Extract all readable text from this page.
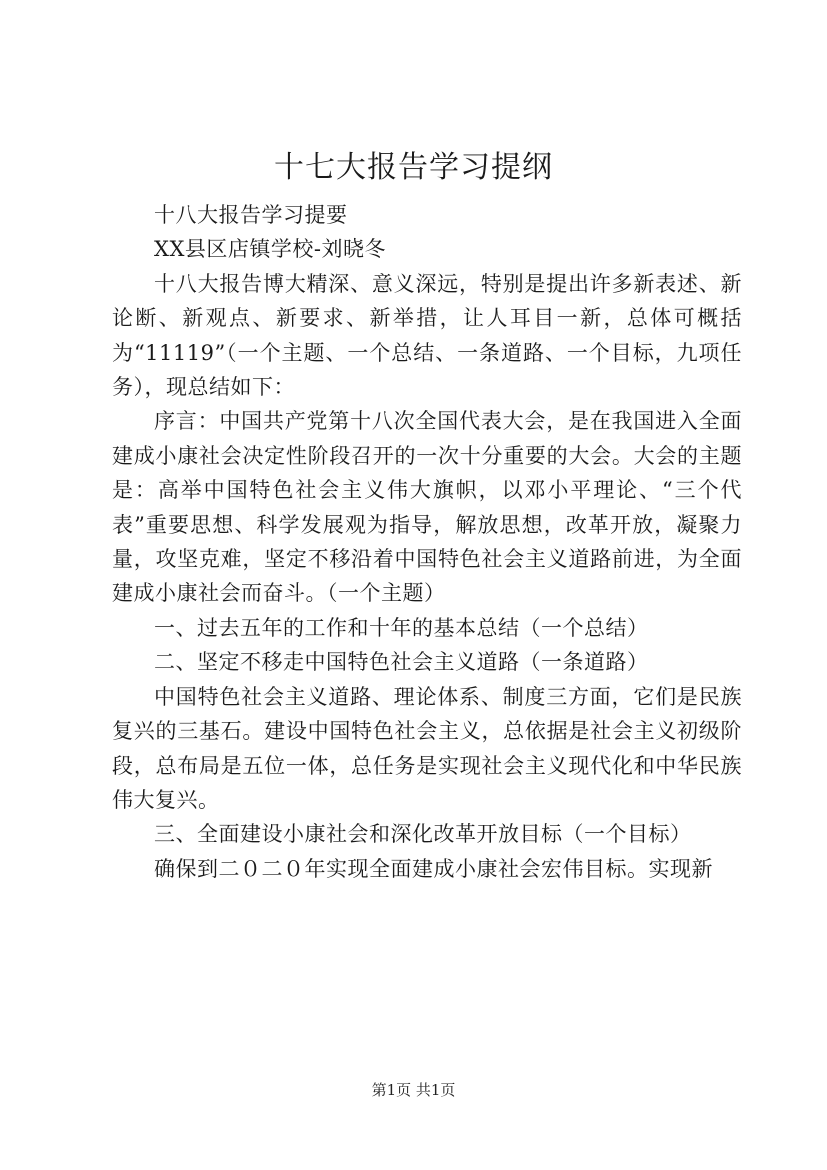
十七大报告学习提纲

十八大报告学习提要

XX县区店镇学校-刘晓冬

十八大报告博大精深、意义深远，特别是提出许多新表述、新论断、新观点、新要求、新举措，让人耳目一新，总体可概括为“11119”（一个主题、一个总结、一条道路、一个目标，九项任务），现总结如下：

序言：中国共产党第十八次全国代表大会，是在我国进入全面建成小康社会决定性阶段召开的一次十分重要的大会。大会的主题是：高举中国特色社会主义伟大旗帜，以邓小平理论、“三个代表”重要思想、科学发展观为指导，解放思想，改革开放，凝聚力量，攻坚克难，坚定不移沿着中国特色社会主义道路前进，为全面建成小康社会而奋斗。（一个主题）

一、过去五年的工作和十年的基本总结（一个总结）

二、坚定不移走中国特色社会主义道路（一条道路）

中国特色社会主义道路、理论体系、制度三方面，它们是民族复兴的三基石。建设中国特色社会主义，总依据是社会主义初级阶段，总布局是五位一体，总任务是实现社会主义现代化和中华民族伟大复兴。

三、全面建设小康社会和深化改革开放目标（一个目标）

确保到二０二０年实现全面建成小康社会宏伟目标。实现新

第1页 共1页
